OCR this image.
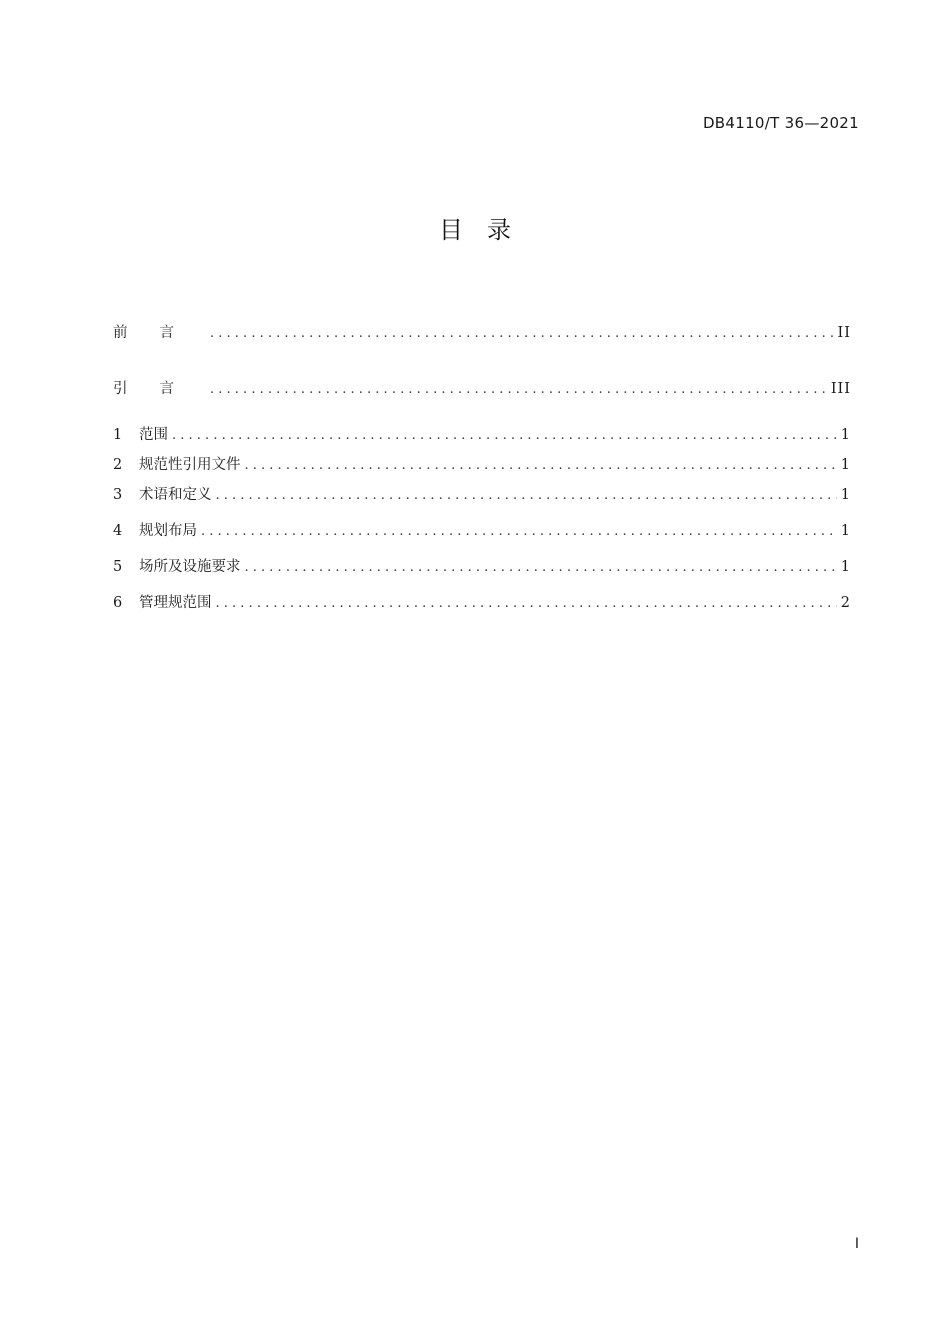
DB4110/T 36—2021
目 录
前言 . . .	II
引言 . . .	III
1 范围 . . .	1
2 规范性引用文件 . . .	1
3 术语和定义 . . .	1
4 规划布局 . . .	1
5 场所及设施要求 . . .	1
6 管理规范围 . . .	2
I
